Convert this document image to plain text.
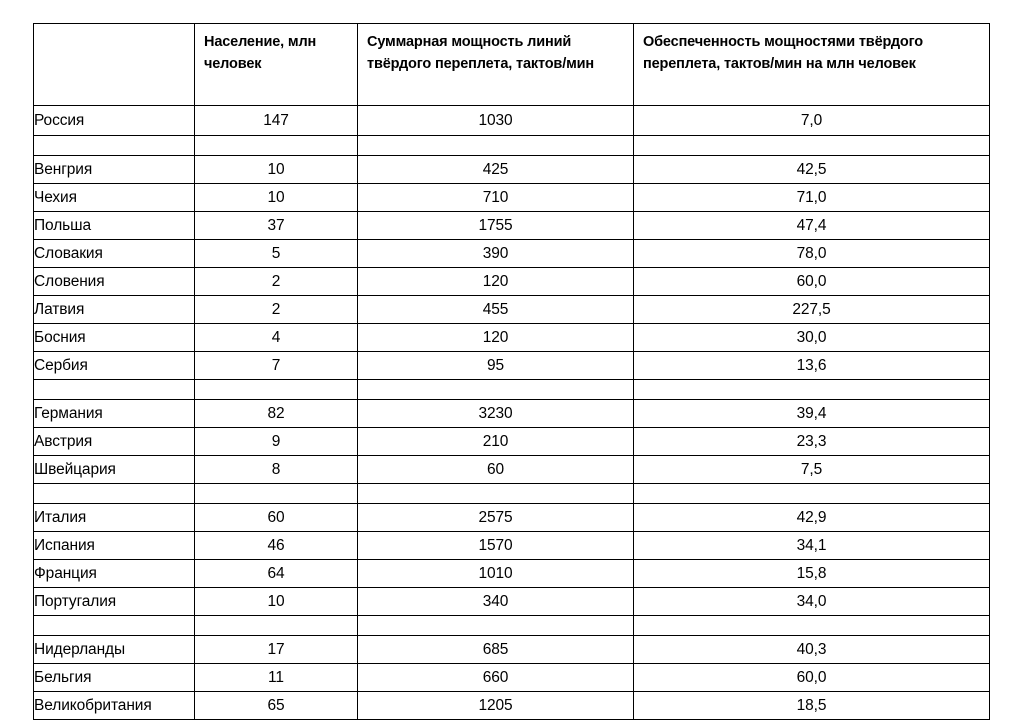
	Население, млн человек	Суммарная мощность линий твёрдого переплета, тактов/мин	Обеспеченность мощностями твёрдого переплета, тактов/мин на млн человек
Россия	147	1030	7,0

Венгрия	10	425	42,5
Чехия	10	710	71,0
Польша	37	1755	47,4
Словакия	5	390	78,0
Словения	2	120	60,0
Латвия	2	455	227,5
Босния	4	120	30,0
Сербия	7	95	13,6

Германия	82	3230	39,4
Австрия	9	210	23,3
Швейцария	8	60	7,5

Италия	60	2575	42,9
Испания	46	1570	34,1
Франция	64	1010	15,8
Португалия	10	340	34,0

Нидерланды	17	685	40,3
Бельгия	11	660	60,0
Великобритания	65	1205	18,5
